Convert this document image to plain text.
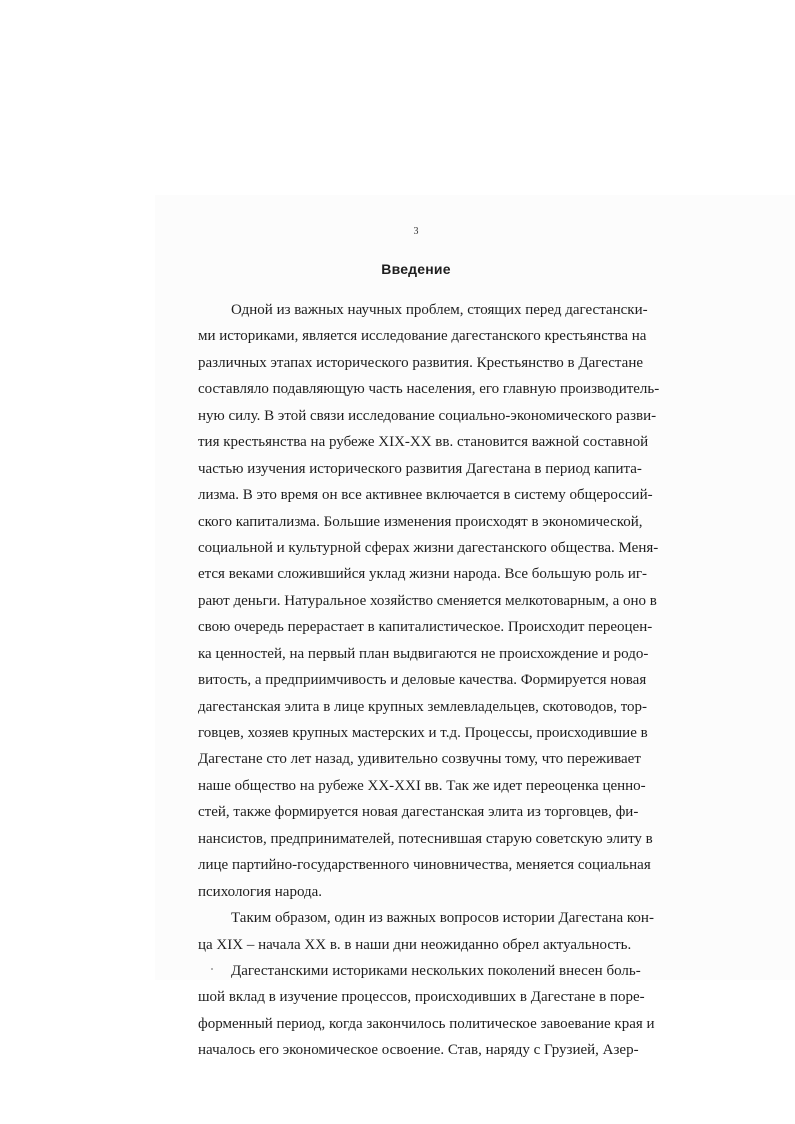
3
Введение
Одной из важных научных проблем, стоящих перед дагестански-
ми историками, является исследование дагестанского крестьянства на
различных этапах исторического развития. Крестьянство в Дагестане
составляло подавляющую часть населения, его главную производитель-
ную силу. В этой связи исследование социально-экономического разви-
тия крестьянства на рубеже XIX-XX вв. становится важной составной
частью изучения исторического развития Дагестана в период капита-
лизма. В это время он все активнее включается в систему общероссий-
ского капитализма. Большие изменения происходят в экономической,
социальной и культурной сферах жизни дагестанского общества. Меня-
ется веками сложившийся уклад жизни народа. Все большую роль иг-
рают деньги. Натуральное хозяйство сменяется мелкотоварным, а оно в
свою очередь перерастает в капиталистическое. Происходит переоцен-
ка ценностей, на первый план выдвигаются не происхождение и родо-
витость, а предприимчивость и деловые качества. Формируется новая
дагестанская элита в лице крупных землевладельцев, скотоводов, тор-
говцев, хозяев крупных мастерских и т.д. Процессы, происходившие в
Дагестане сто лет назад, удивительно созвучны тому, что переживает
наше общество на рубеже XX-XXI вв. Так же идет переоценка ценно-
стей, также формируется новая дагестанская элита из торговцев, фи-
нансистов, предпринимателей, потеснившая старую советскую элиту в
лице партийно-государственного чиновничества, меняется социальная
психология народа.
Таким образом, один из важных вопросов истории Дагестана кон-
ца XIX – начала XX в. в наши дни неожиданно обрел актуальность.
Дагестанскими историками нескольких поколений внесен боль-
шой вклад в изучение процессов, происходивших в Дагестане в поре-
форменный период, когда закончилось политическое завоевание края и
началось его экономическое освоение. Став, наряду с Грузией, Азер-
